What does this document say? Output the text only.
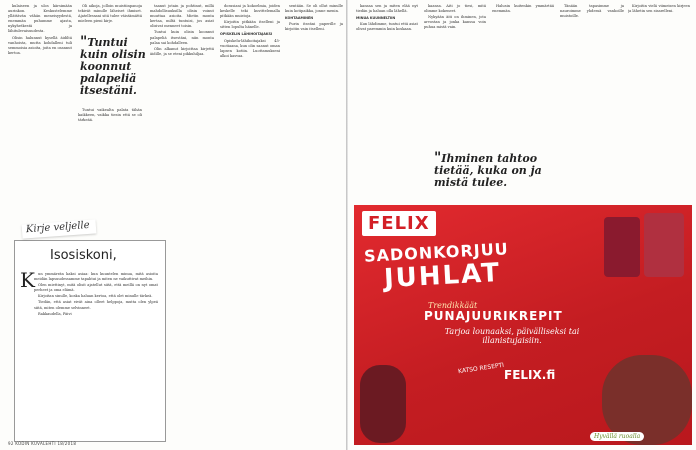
kulaiseen ja ulos kärsimään aurinkon. Keskustelemme yllättävän vähän meneisyydestä, enemmän puhumme ajasta, nykyhetkestä ja lähitulevaisuudesta.

Olisin halunnut kysellä äidiltä vanhoista, mutta kohdalleni tuli semmoisia asioita, joita en osannut kertoa.

Oli aikoja, jolloin muistiinpanoja tekivät minulle läheiset ihmiset. Ajatellessani sitä tulee väistämättä mieleen pieni kirje.

"Tuntui kuin olisin koonnut palapeliä itsestäni.

Tuntui vaikealta palata tähän kaikkeen, vaikka tiesin että se oli tärkeää.

taanut jotain ja pohtinut, millä mahdollisuuksilla olisin voinut muuttaa asioita. Mietin monta kertaa, miltä tuntuisi, jos asiat olisivat menneet toisin.

Tuntui kuin olisin koonnut palapeliä itsestäni, niin monta palaa sai kohdalleen.

Olin alkanut kirjoittaa kirjettä äidille, ja se eteni pikkuhiljaa.

dorasiani ja kokoelmia, joiden keskelle teki kuvittelemalla pitkään muistoja.

Kirjoitin pitkään itselleni ja sitten lopulta hänelle.

OPISKELIN LÄHIHOITAJAKSI

Opiskelu-lähihoitajaksi 45-vuotiaana, kun olin saanut oman lapsen kotiin. Luottamukseni alkoi kasvaa.

sentään. Se oli ollut minulle kuin kotipaikka, jonne menin.

KOHTAAMINEN

Purin itseäni paperille ja kirjoitin vain itselleni.

Kirje veljelle
Isosiskoni,
K un ymmärrän kaksi asiaa: kun kuuntelen minua, mitä asioita meidän lapsuudessamme tapahtui ja miten ne vaikuttivat meihin.

Olen miettinyt, mitä olisit ajatellut siitä, että meillä on nyt omat perheet ja oma elämä.

Kirjoitan sinulle, koska haluan kertoa, että olet minulle tärkeä.

Tiedän, että asiat eivät aina olleet helppoja, mutta olen ylpeä siitä, miten olemme selvinneet.

Rakkaudella, Päivi

92 KODIN KUVALEHTI 18/2018

kansaa sen ja miten elää nyt tiedän ja haluan olla lähellä.

MINUA KUUNNELTIIN

Kun lähdimme, tuntui että asiat olivat paremmin kuin koskaan.

kaansa. Äiti jo tiesi, mitä olimme kokeneet.

Nykyään äiti on ihminen, jota arvostan ja jonka kanssa voin puhua mistä vain.

"Ihminen tahtoo tietää, kuka on ja mistä tulee.

Halusin kuitenkin ymmärtää enemmän.

Tänään tapasimme ja nauroimme yhdessä vanhoille muistoille.

Kirjoitin vielä viimeisen kirjeen ja lähetin sen sisarelleni.

FELIX
SADONKORJUU
JUHLAT
Trendikkäät
PUNAJUURIKREPIT
Tarjoa lounaaksi, päivälliseksi tai illanistujaisiin.
KATSO RESEPTI FELIX.fi
Hyvällä ruoalla
